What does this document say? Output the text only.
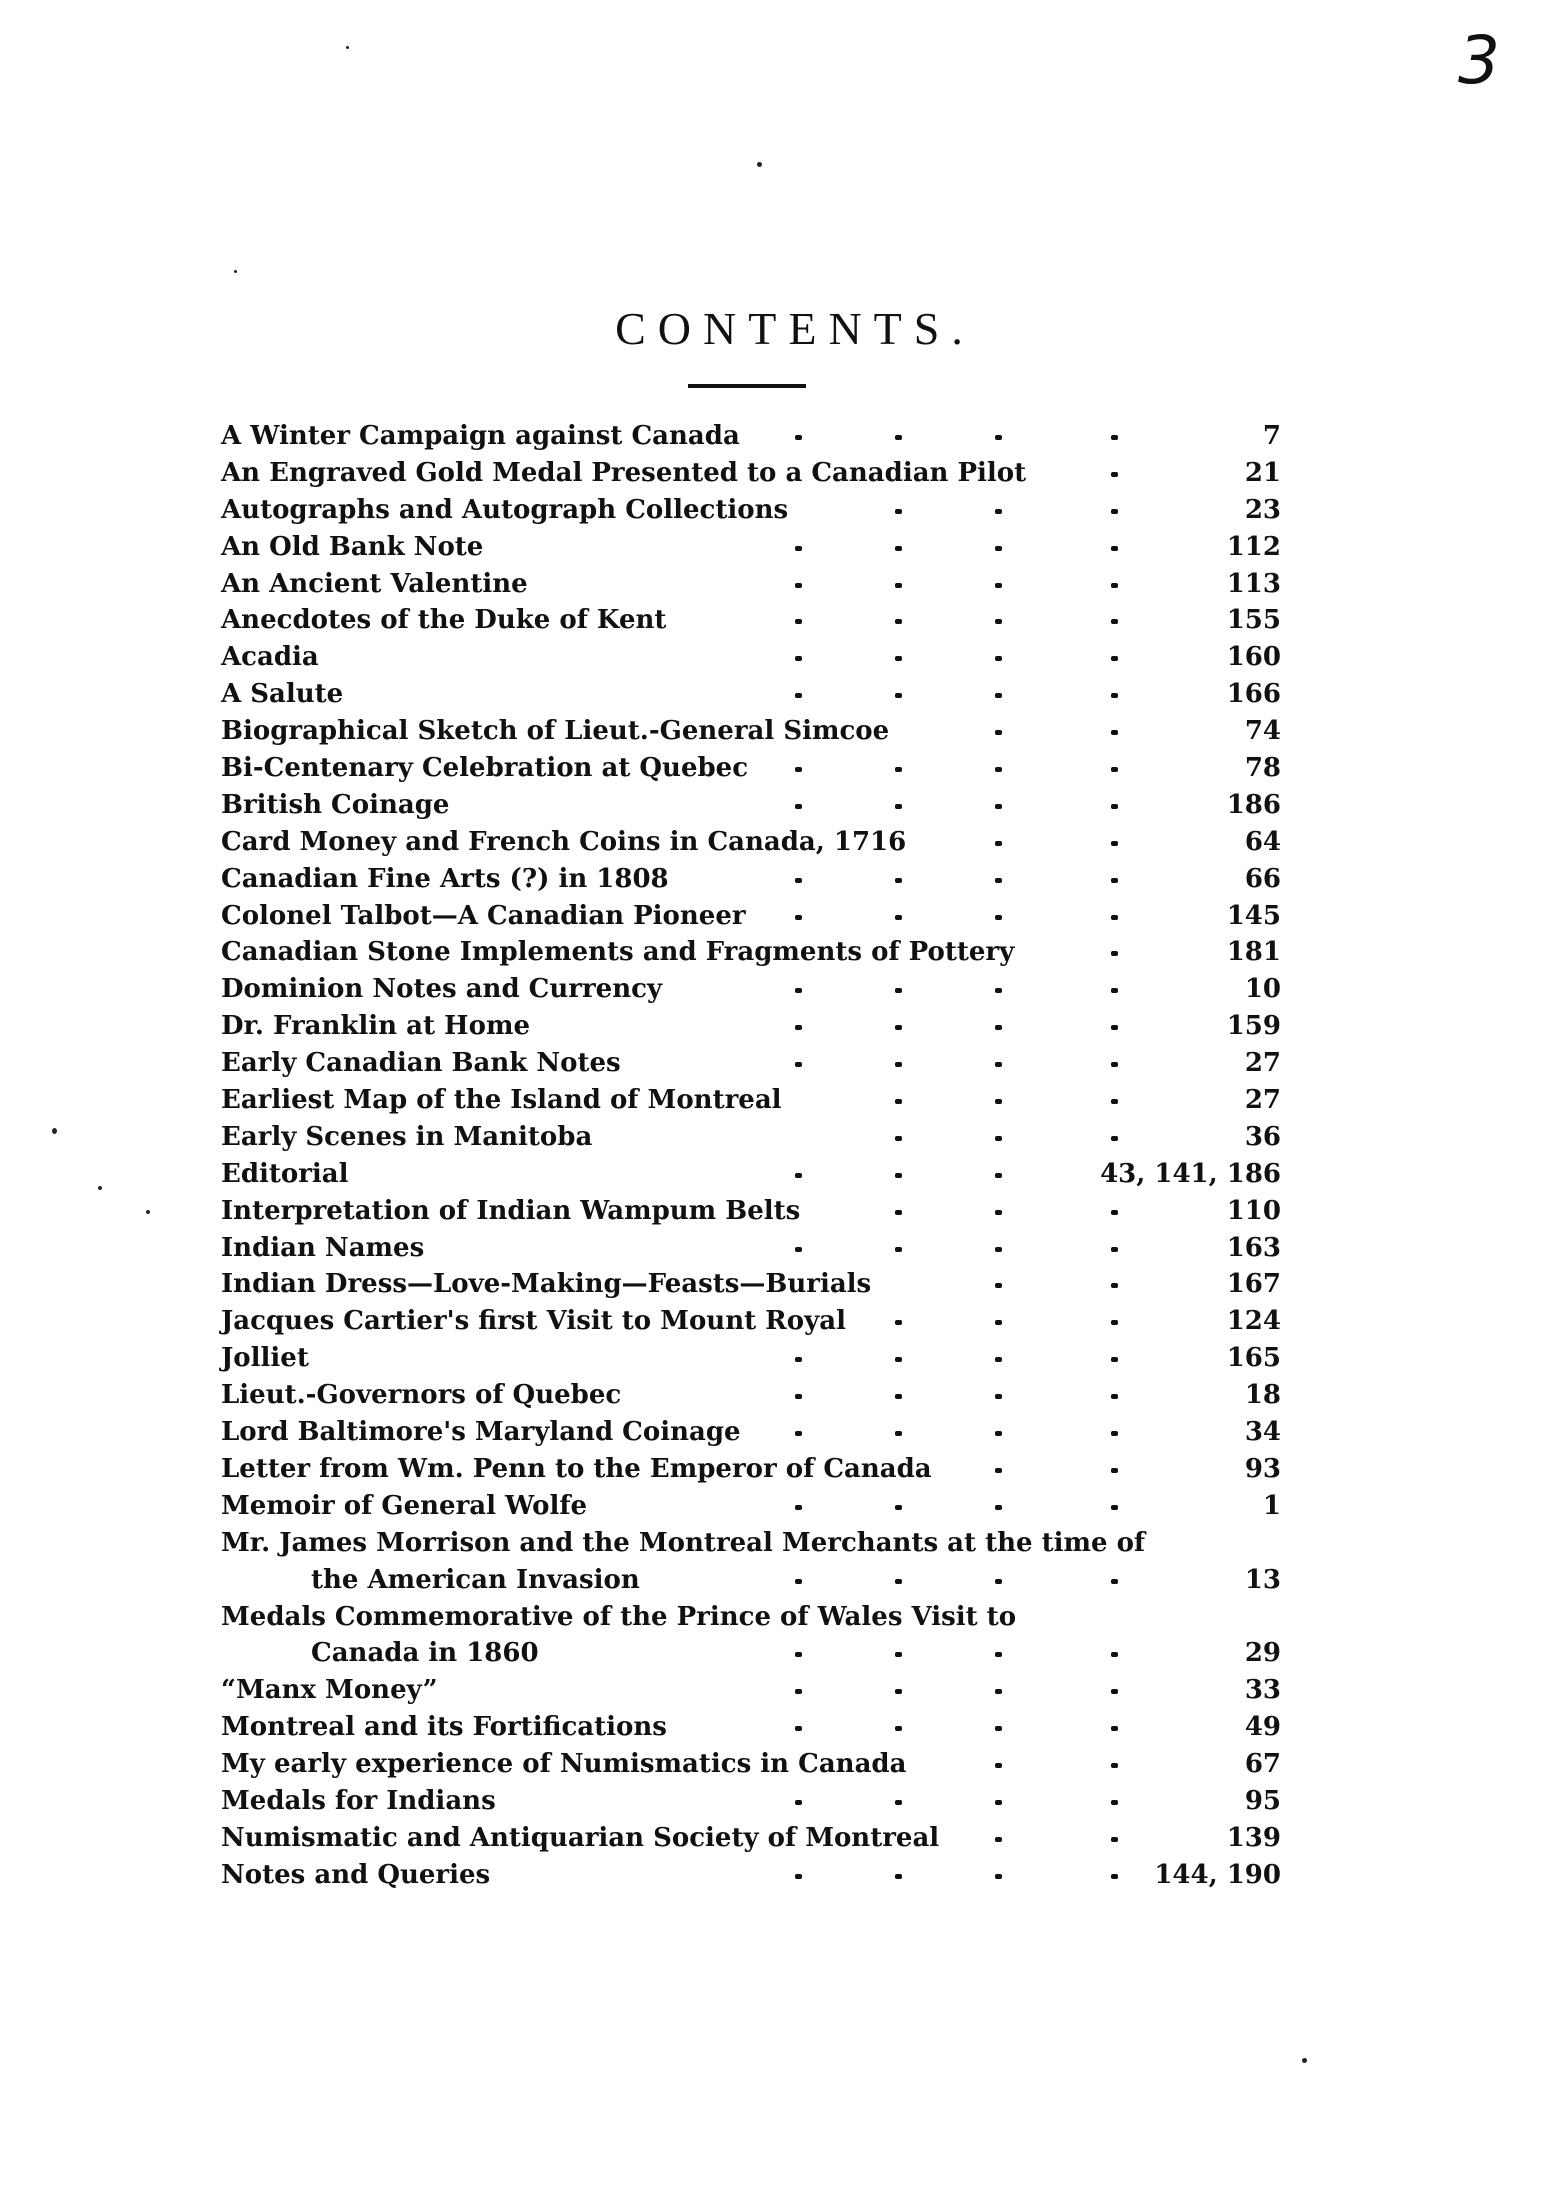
3
CONTENTS.
A Winter Campaign against Canada	7
An Engraved Gold Medal Presented to a Canadian Pilot	21
Autographs and Autograph Collections	23
An Old Bank Note	112
An Ancient Valentine	113
Anecdotes of the Duke of Kent	155
Acadia	160
A Salute	166
Biographical Sketch of Lieut.-General Simcoe	74
Bi-Centenary Celebration at Quebec	78
British Coinage	186
Card Money and French Coins in Canada, 1716	64
Canadian Fine Arts (?) in 1808	66
Colonel Talbot—A Canadian Pioneer	145
Canadian Stone Implements and Fragments of Pottery	181
Dominion Notes and Currency	10
Dr. Franklin at Home	159
Early Canadian Bank Notes	27
Earliest Map of the Island of Montreal	27
Early Scenes in Manitoba	36
Editorial	43, 141, 186
Interpretation of Indian Wampum Belts	110
Indian Names	163
Indian Dress—Love-Making—Feasts—Burials	167
Jacques Cartier's first Visit to Mount Royal	124
Jolliet	165
Lieut.-Governors of Quebec	18
Lord Baltimore's Maryland Coinage	34
Letter from Wm. Penn to the Emperor of Canada	93
Memoir of General Wolfe	1
Mr. James Morrison and the Montreal Merchants at the time of
the American Invasion	13
Medals Commemorative of the Prince of Wales Visit to
Canada in 1860	29
“Manx Money”	33
Montreal and its Fortifications	49
My early experience of Numismatics in Canada	67
Medals for Indians	95
Numismatic and Antiquarian Society of Montreal	139
Notes and Queries	144, 190
